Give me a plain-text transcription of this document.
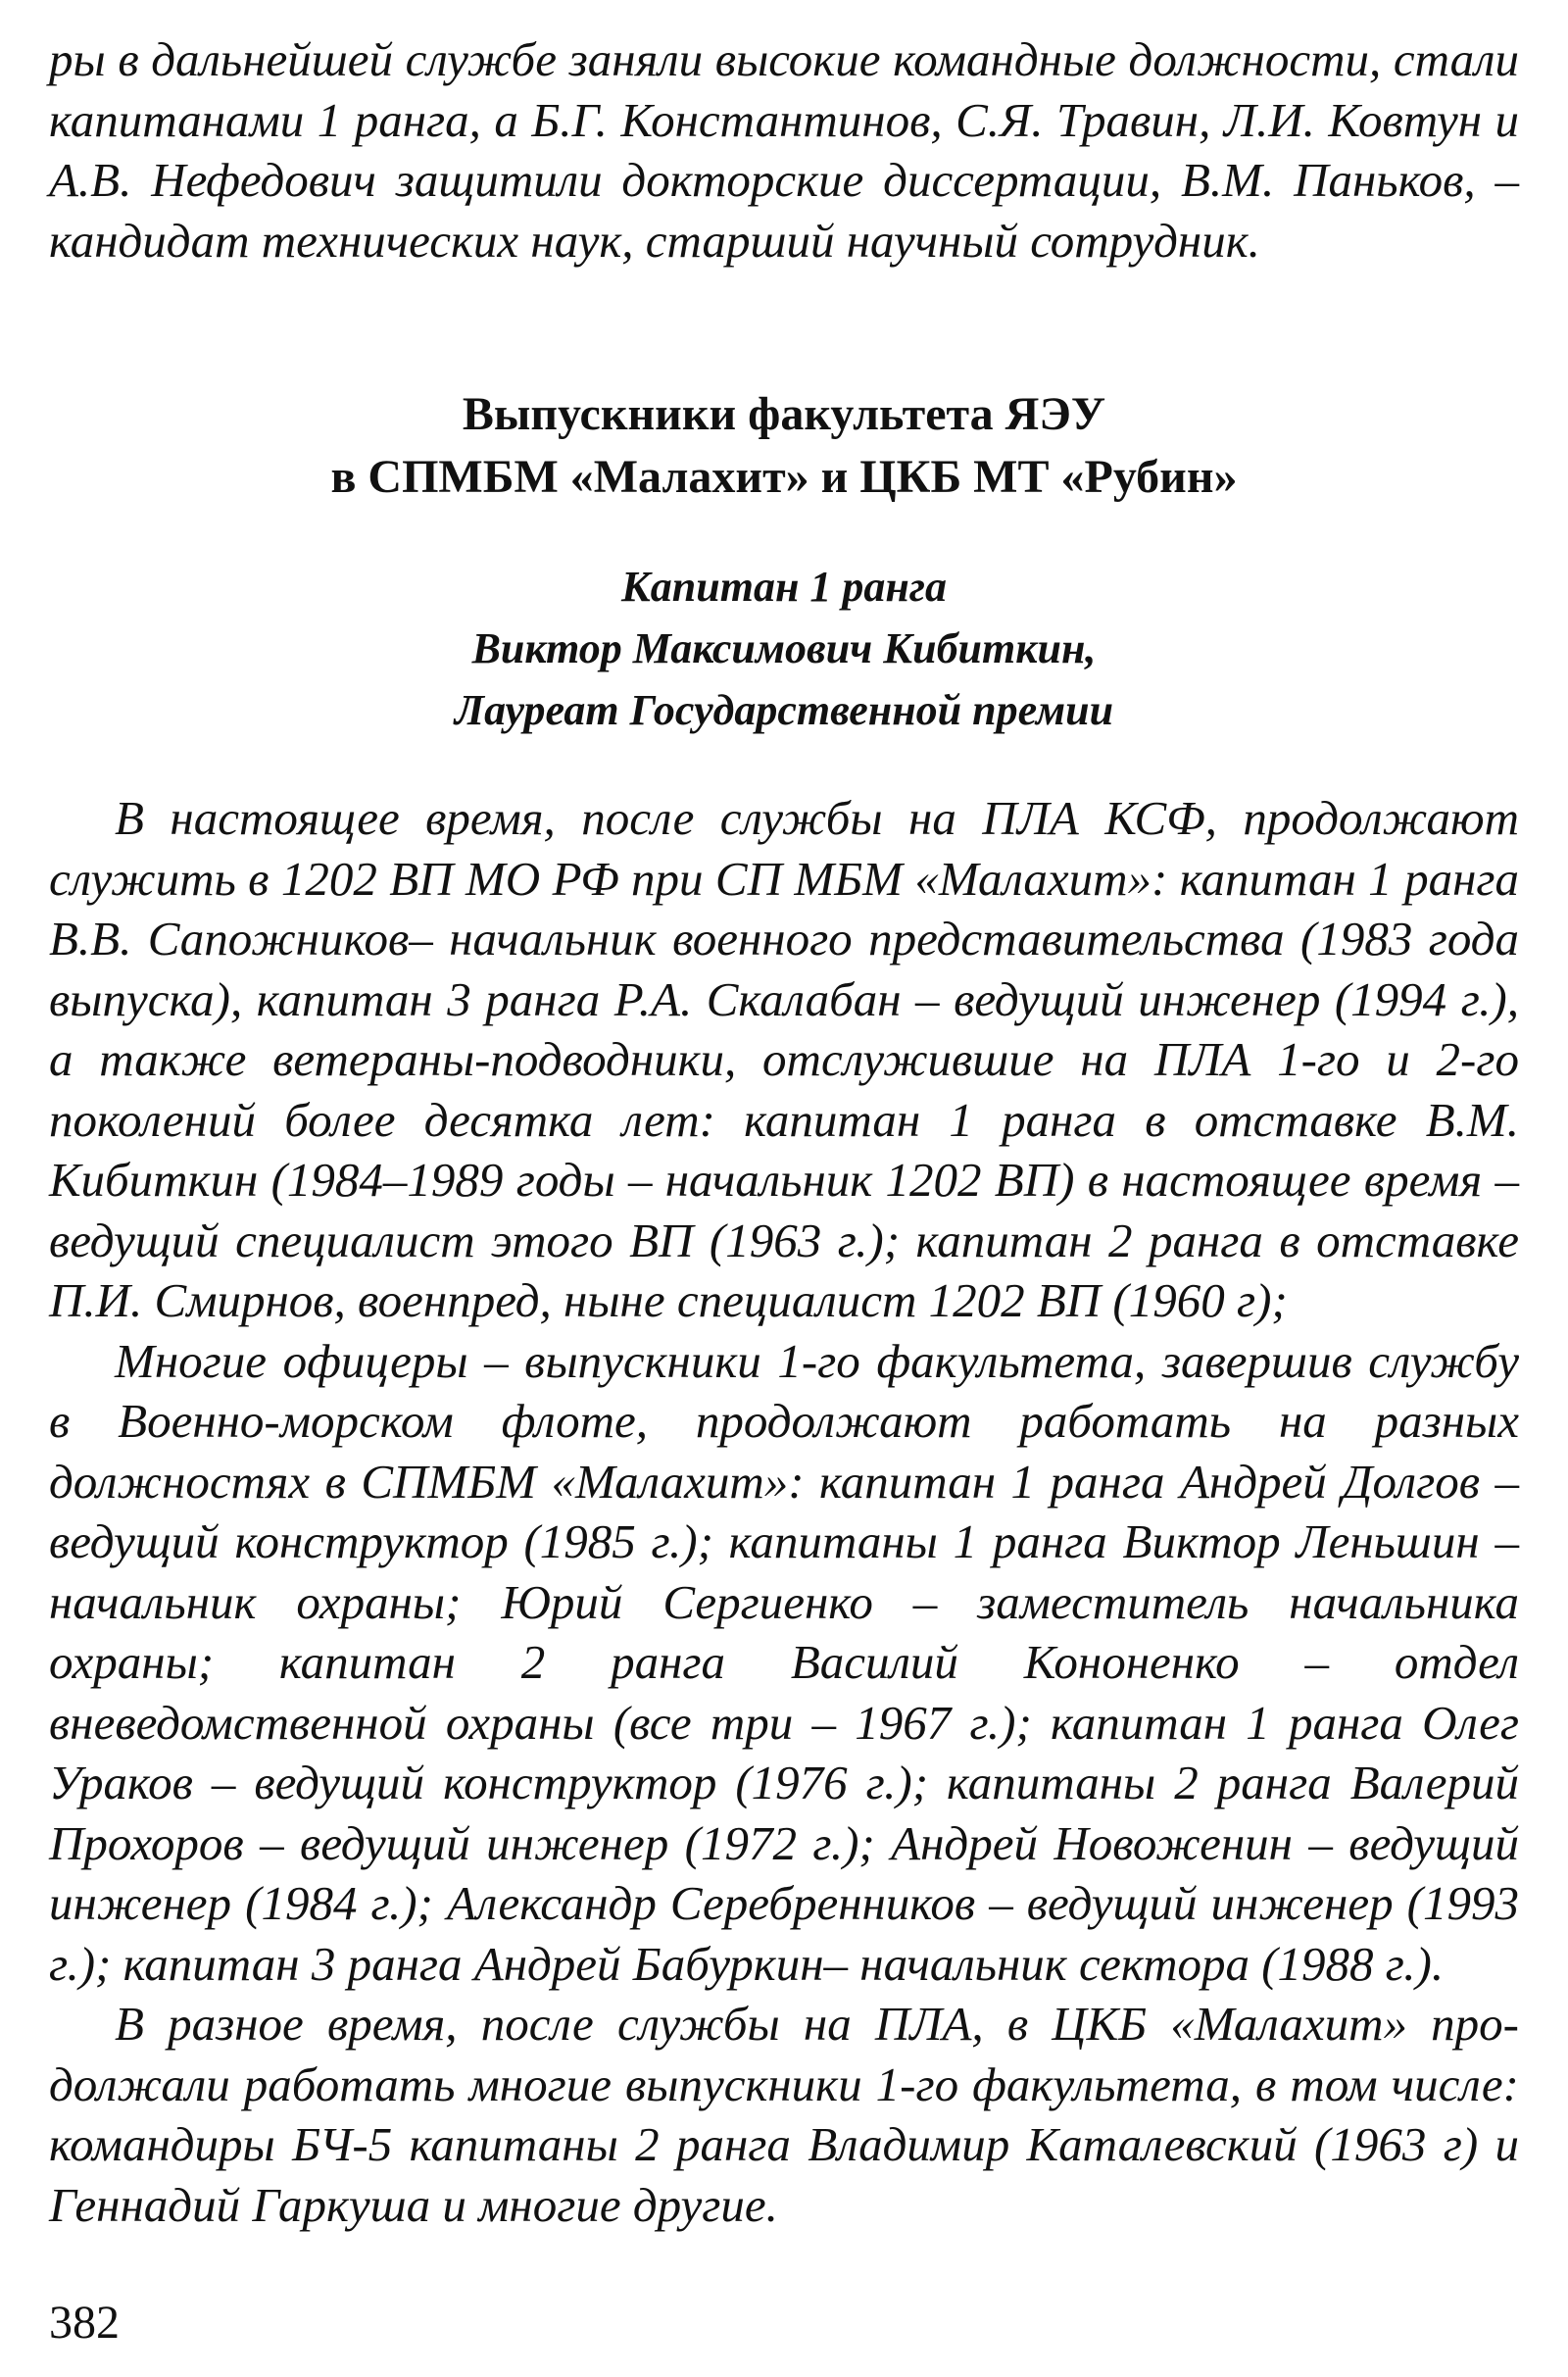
ры в дальнейшей службе заняли высокие командные должности, стали капитанами 1 ранга, а Б.Г. Константинов, С.Я. Травин, Л.И. Ковтун и А.В. Нефедович защитили докторские диссертации, В.М. Паньков, – кандидат технических наук, старший научный сотрудник.

Выпускники факультета ЯЭУ

в СПМБМ «Малахит» и ЦКБ МТ «Рубин»

Капитан 1 ранга

Виктор Максимович Кибиткин,

Лауреат Государственной премии

В настоящее время, после службы на ПЛА КСФ, продолжают служить в 1202 ВП МО РФ при СП МБМ «Малахит»: капитан 1 ранга В.В. Сапожников– начальник военного представительства (1983 года выпуска), капитан 3 ранга Р.А. Скалабан – ведущий инженер (1994 г.), а также ветераны-подводники, отслужившие на ПЛА 1-го и 2-го поколений более десятка лет: капитан 1 ранга в отставке В.М. Кибиткин (1984–1989 годы – начальник 1202 ВП) в настоящее время – ведущий специалист этого ВП (1963 г.); капитан 2 ранга в отставке П.И. Смирнов, военпред, ныне специалист 1202 ВП (1960 г);

Многие офицеры – выпускники 1-го факультета, завершив службу в Военно-морском флоте, продолжают работать на разных должностях в СПМБМ «Малахит»: капитан 1 ранга Андрей Долгов – ведущий конструктор (1985 г.); капитаны 1 ранга Виктор Леньшин – начальник охраны; Юрий Сергиенко – заместитель начальника охраны; капитан 2 ранга Василий Кононенко – отдел вневедомственной охраны (все три – 1967 г.); капитан 1 ранга Олег Ураков – ведущий конструктор (1976 г.); капитаны 2 ранга Валерий Прохоров – ведущий инженер (1972 г.); Андрей Новоженин – ведущий инженер (1984 г.); Александр Серебренников – ведущий инженер (1993 г.); капитан 3 ранга Андрей Бабуркин– начальник сектора (1988 г.).

В разное время, после службы на ПЛА, в ЦКБ «Малахит» продолжали работать многие выпускники 1-го факультета, в том числе: командиры БЧ-5 капитаны 2 ранга Владимир Каталевский (1963 г) и Геннадий Гаркуша и многие другие.

382
